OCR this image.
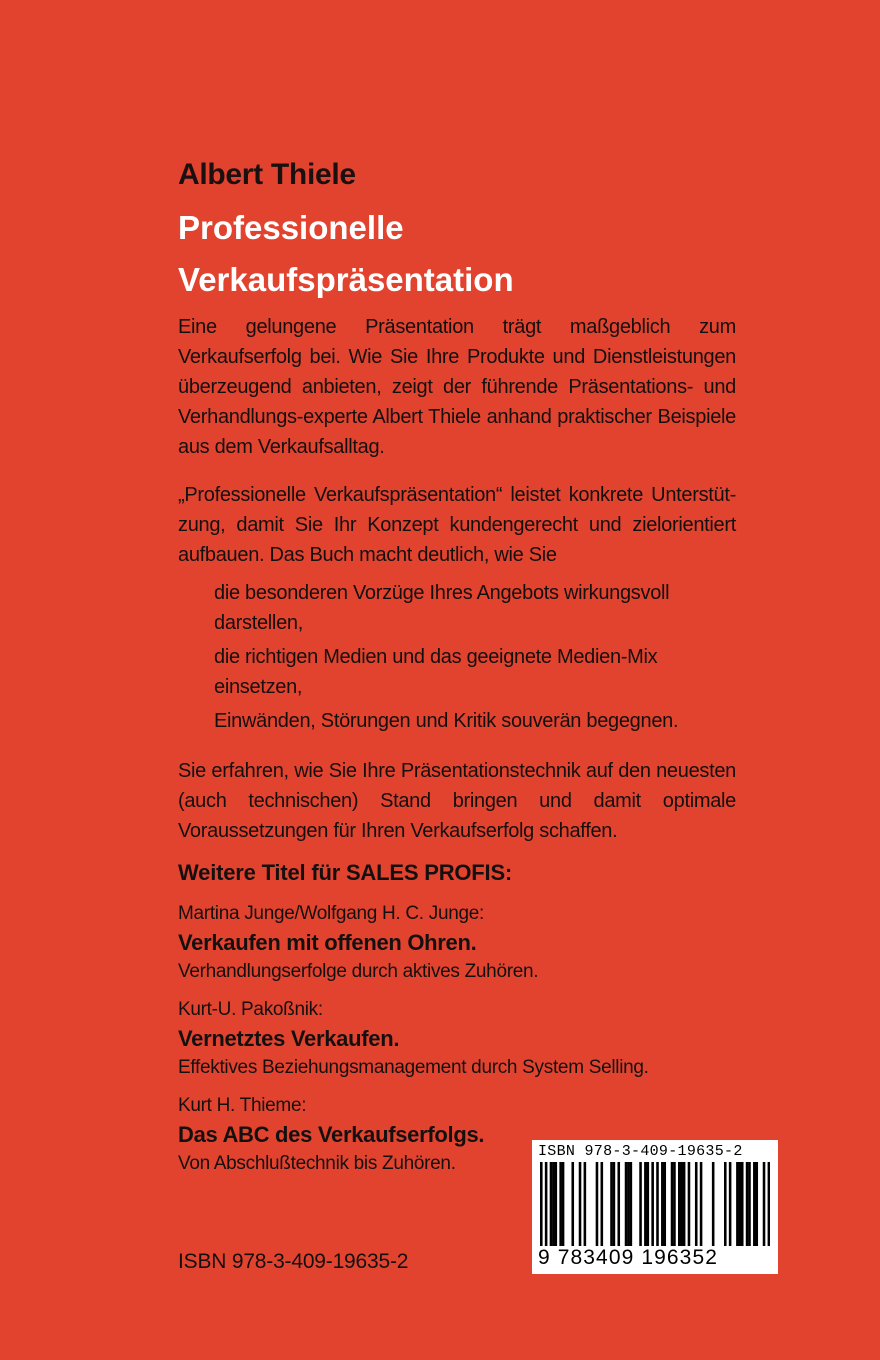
Albert Thiele
Professionelle
Verkaufspräsentation
Eine gelungene Präsentation trägt maßgeblich zum Verkaufserfolg bei. Wie Sie Ihre Produkte und Dienstleistungen überzeugend anbieten, zeigt der führende Präsentations- und Verhandlungs-experte Albert Thiele anhand praktischer Beispiele aus dem Verkaufsalltag.
„Professionelle Verkaufspräsentation“ leistet konkrete Unterstüt-zung, damit Sie Ihr Konzept kundengerecht und zielorientiert aufbauen. Das Buch macht deutlich, wie Sie
die besonderen Vorzüge Ihres Angebots wirkungsvoll darstellen,
die richtigen Medien und das geeignete Medien-Mix einsetzen,
Einwänden, Störungen und Kritik souverän begegnen.
Sie erfahren, wie Sie Ihre Präsentationstechnik auf den neuesten (auch technischen) Stand bringen und damit optimale Voraussetzungen für Ihren Verkaufserfolg schaffen.
Weitere Titel für SALES PROFIS:
Martina Junge/Wolfgang H. C. Junge:
Verkaufen mit offenen Ohren.
Verhandlungserfolge durch aktives Zuhören.
Kurt-U. Pakoßnik:
Vernetztes Verkaufen.
Effektives Beziehungsmanagement durch System Selling.
Kurt H. Thieme:
Das ABC des Verkaufserfolgs.
Von Abschlußtechnik bis Zuhören.
ISBN 978-3-409-19635-2
ISBN 978-3-409-19635-2
9 783409 196352
